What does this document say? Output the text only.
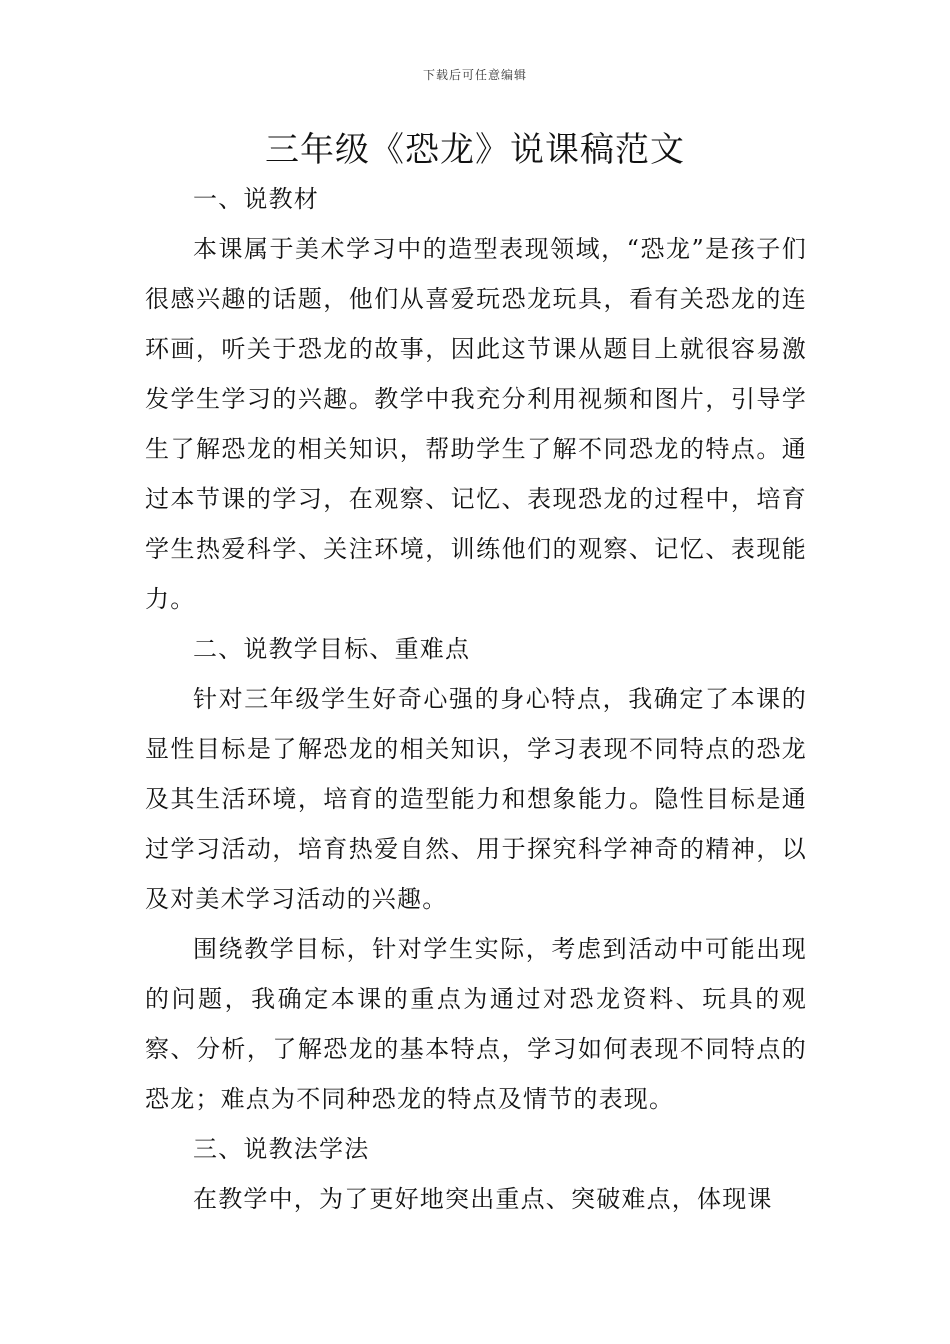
下载后可任意编辑
三年级《恐龙》说课稿范文
一、说教材

本课属于美术学习中的造型表现领域，“恐龙”是孩子们很感兴趣的话题，他们从喜爱玩恐龙玩具，看有关恐龙的连环画，听关于恐龙的故事，因此这节课从题目上就很容易激发学生学习的兴趣。教学中我充分利用视频和图片，引导学生了解恐龙的相关知识，帮助学生了解不同恐龙的特点。通过本节课的学习，在观察、记忆、表现恐龙的过程中，培育学生热爱科学、关注环境，训练他们的观察、记忆、表现能力。

二、说教学目标、重难点

针对三年级学生好奇心强的身心特点，我确定了本课的显性目标是了解恐龙的相关知识，学习表现不同特点的恐龙及其生活环境，培育的造型能力和想象能力。隐性目标是通过学习活动，培育热爱自然、用于探究科学神奇的精神，以及对美术学习活动的兴趣。

围绕教学目标，针对学生实际，考虑到活动中可能出现的问题，我确定本课的重点为通过对恐龙资料、玩具的观察、分析，了解恐龙的基本特点，学习如何表现不同特点的恐龙；难点为不同种恐龙的特点及情节的表现。

三、说教法学法

在教学中，为了更好地突出重点、突破难点，体现课
